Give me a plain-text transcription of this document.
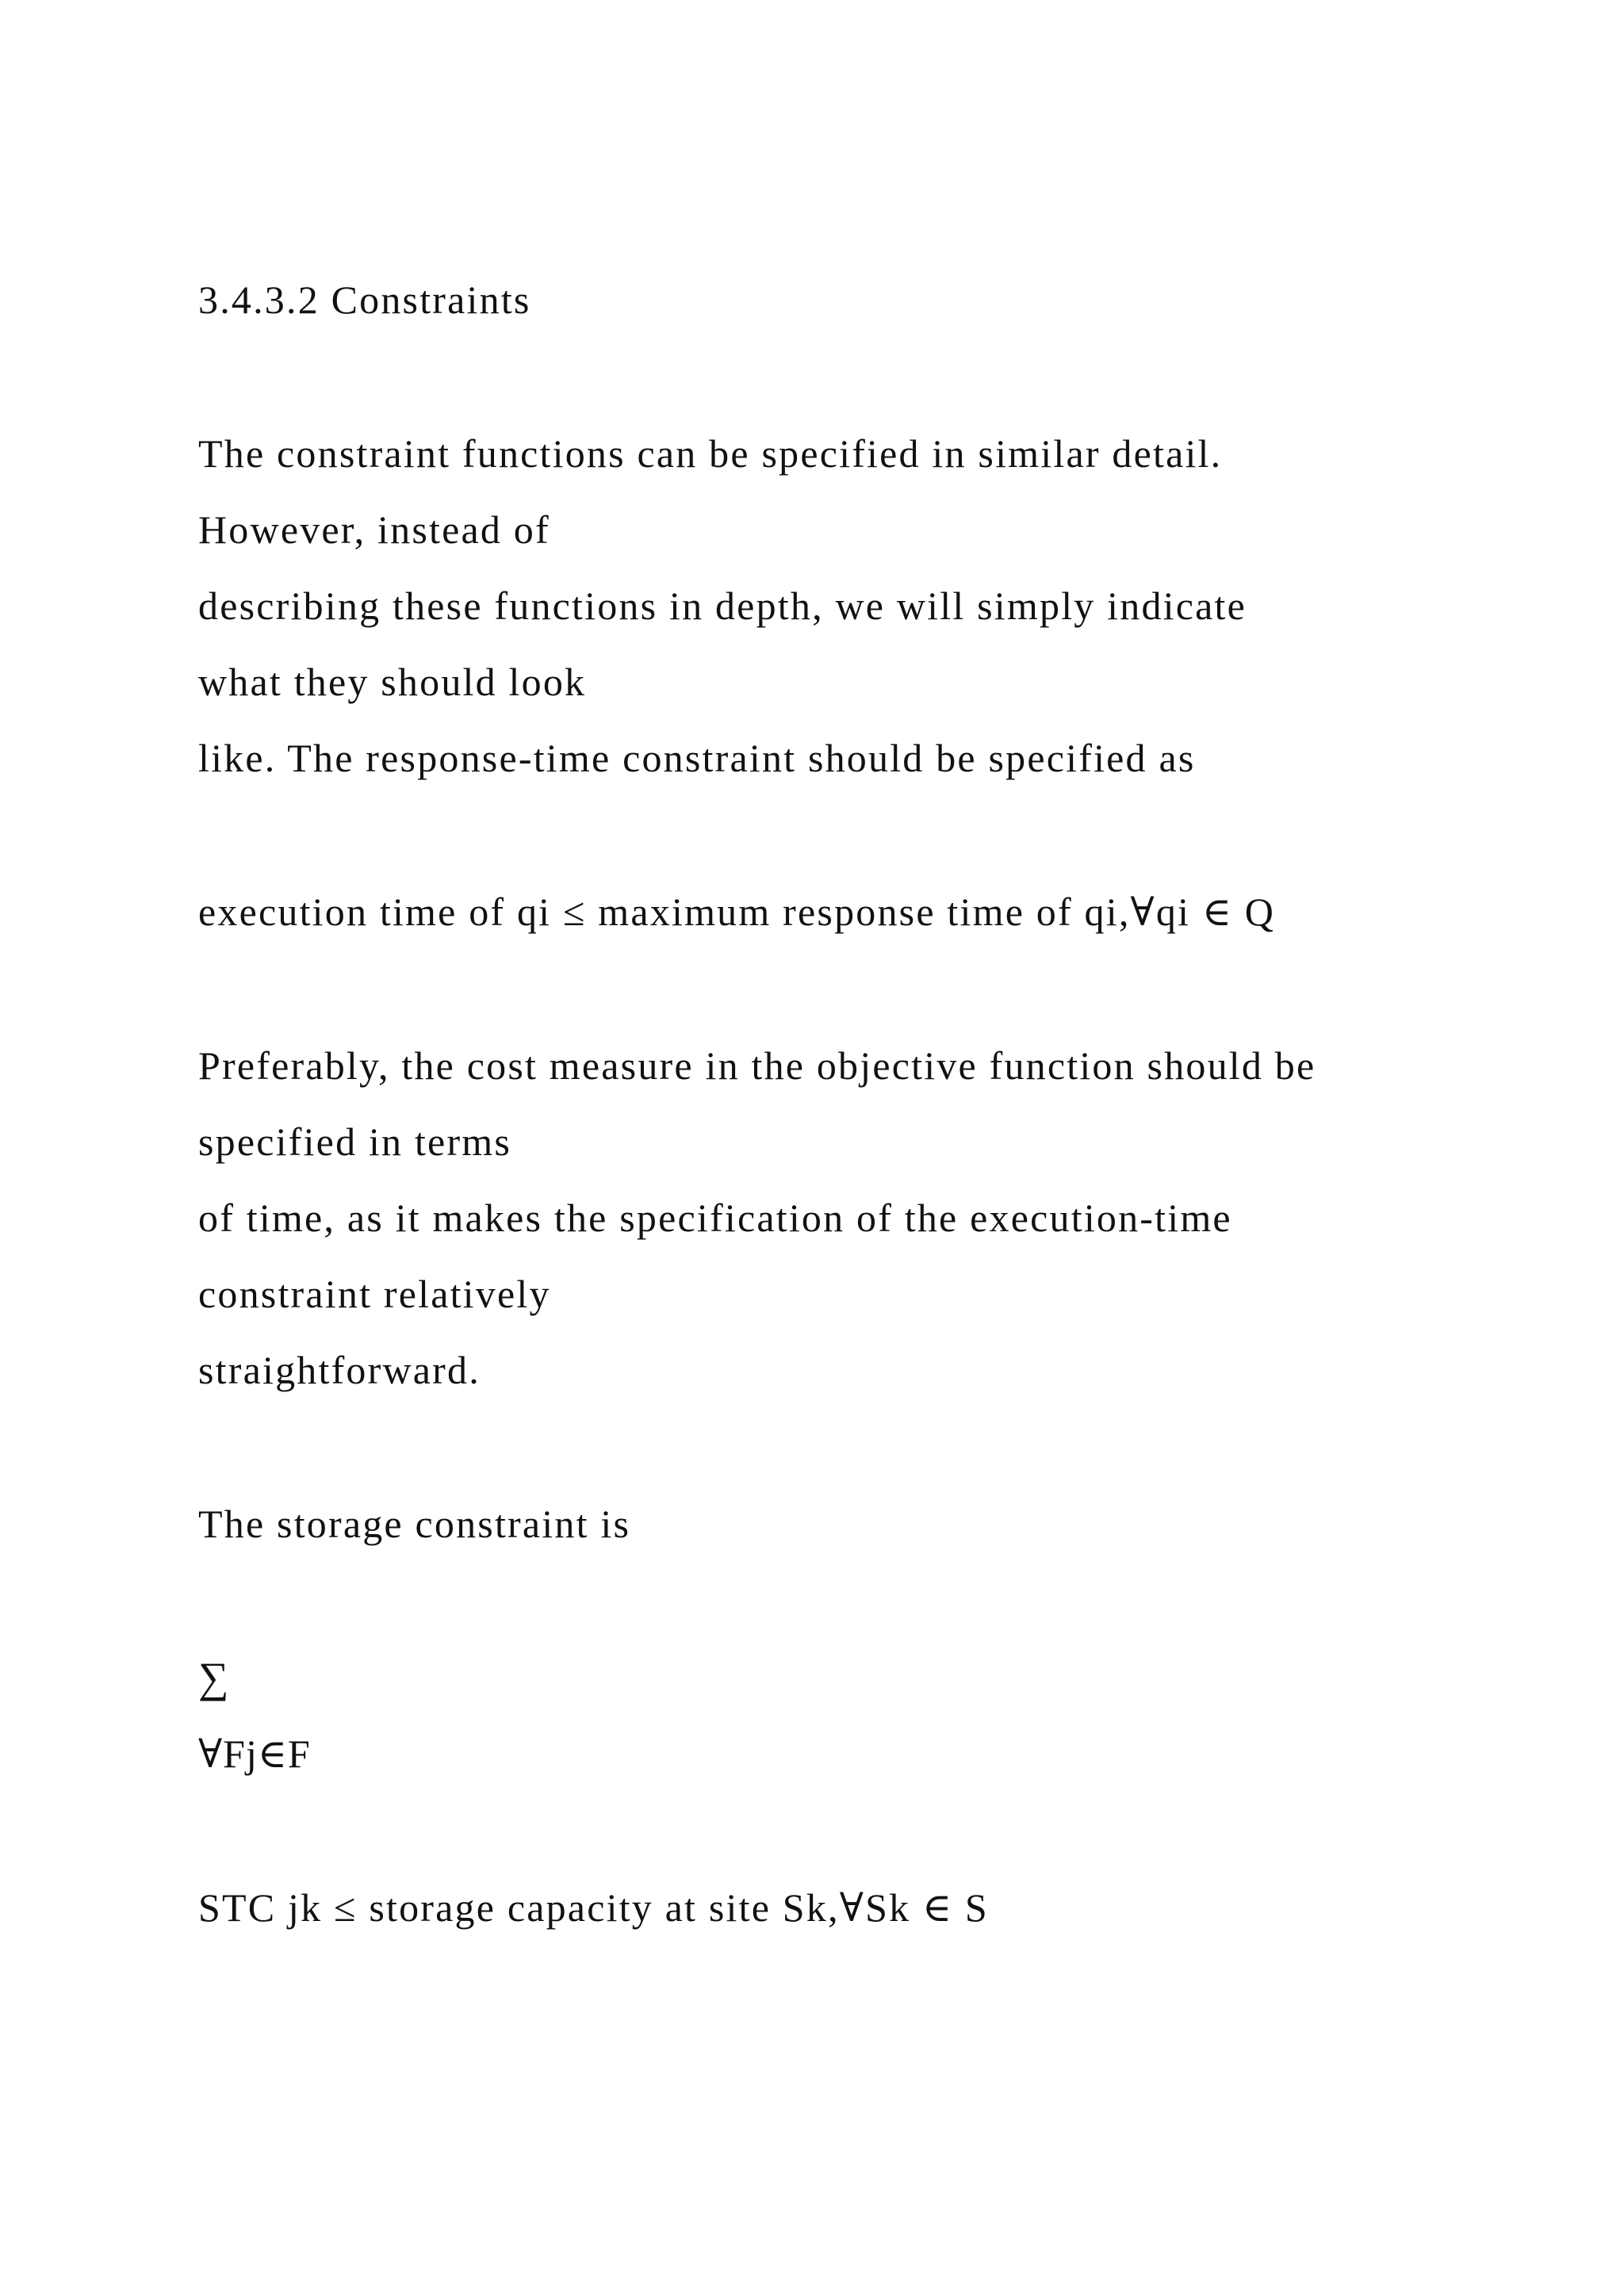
3.4.3.2 Constraints

The constraint functions can be specified in similar detail.

However, instead of

describing these functions in depth, we will simply indicate

what they should look

like. The response-time constraint should be specified as

execution time of qi ≤ maximum response time of qi,∀qi ∈ Q

Preferably, the cost measure in the objective function should be

specified in terms

of time, as it makes the specification of the execution-time

constraint relatively

straightforward.

The storage constraint is

∑

∀Fj∈F

STC jk ≤ storage capacity at site Sk,∀Sk ∈ S
